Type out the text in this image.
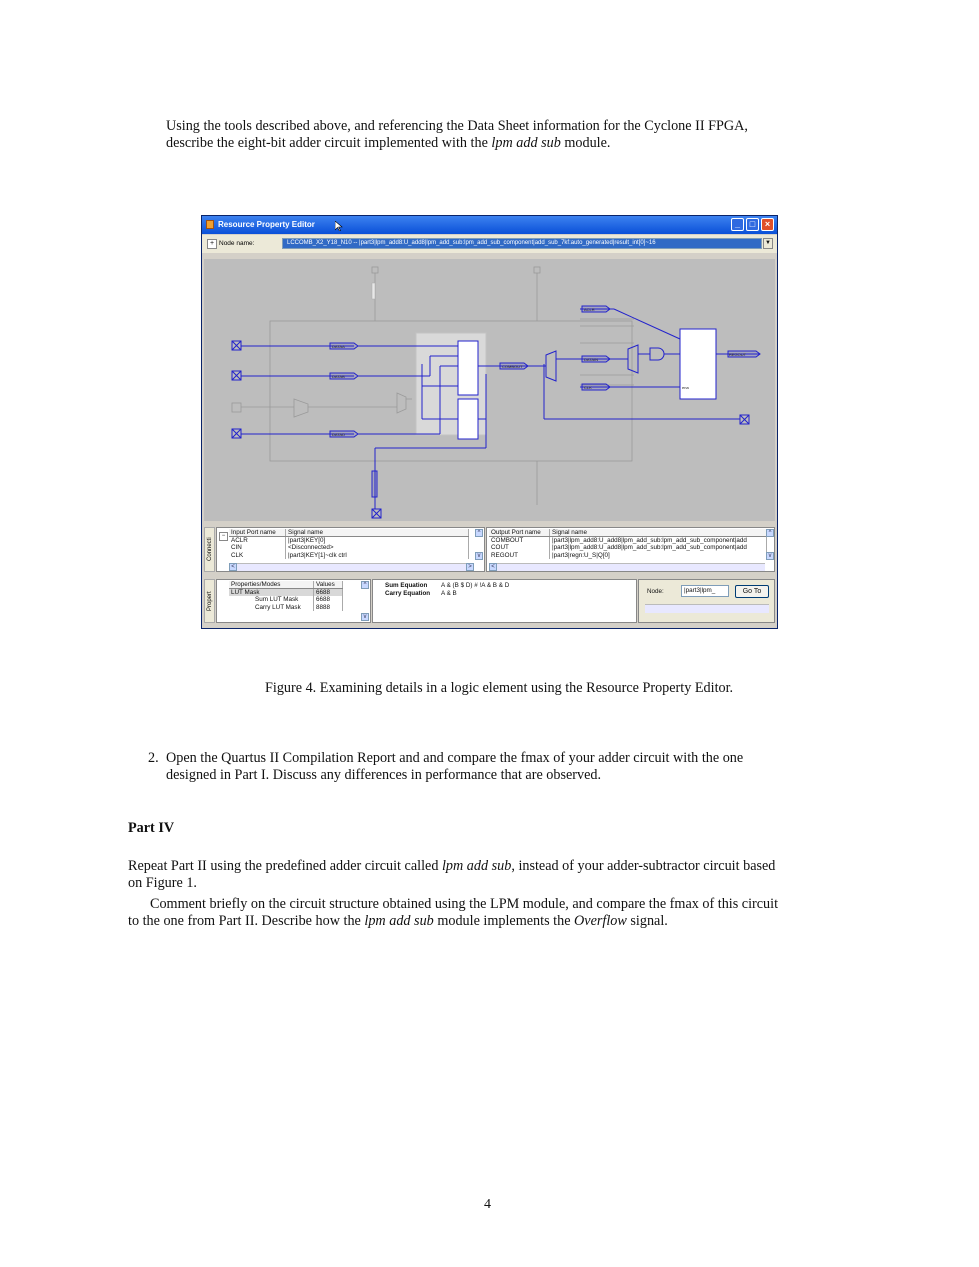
Using the tools described above, and referencing the Data Sheet information for the Cyclone II FPGA,
describe the eight-bit adder circuit implemented with the lpm add sub module.
Resource Property Editor	_	□	×
+ Node name:	LCCOMB_X2_Y18_N10 -- |part3|lpm_add8:U_add8|lpm_add_sub:lpm_add_sub_component|add_sub_7kf:auto_generated|result_int[0]~16	▼
DATAA
DATAB
DATAD
COMBOUT
DATAIN
ACLR
REGOUT
CLK	ena
Connecti
− Input Port name	Signal name
ACLR	|part3|KEY[0]
CIN	<Disconnected>
CLK	|part3|KEY[1]~clk ctrl
^
v
<	>
Output Port name	Signal name
COMBOUT	|part3|lpm_add8:U_add8|lpm_add_sub:lpm_add_sub_component|add
COUT	|part3|lpm_add8:U_add8|lpm_add_sub:lpm_add_sub_component|add
REGOUT	|part3|regn:U_S|Q[0]
^
v
<
Propert
Properties/Modes	Values
LUT Mask	6688
Sum LUT Mask	6688
Carry LUT Mask	8888
^
v
Sum Equation A & (B $ D) # !A & B & D
Carry Equation A & B	Node:	|part3|lpm_	Go To
Figure 4. Examining details in a logic element using the Resource Property Editor.
2. Open the Quartus II Compilation Report and and compare the fmax of your adder circuit with the one
designed in Part I. Discuss any differences in performance that are observed.
Part IV
Repeat Part II using the predefined adder circuit called lpm add sub, instead of your adder-subtractor circuit based
on Figure 1.
Comment briefly on the circuit structure obtained using the LPM module, and compare the fmax of this circuit
to the one from Part II. Describe how the lpm add sub module implements the Overflow signal.
4
